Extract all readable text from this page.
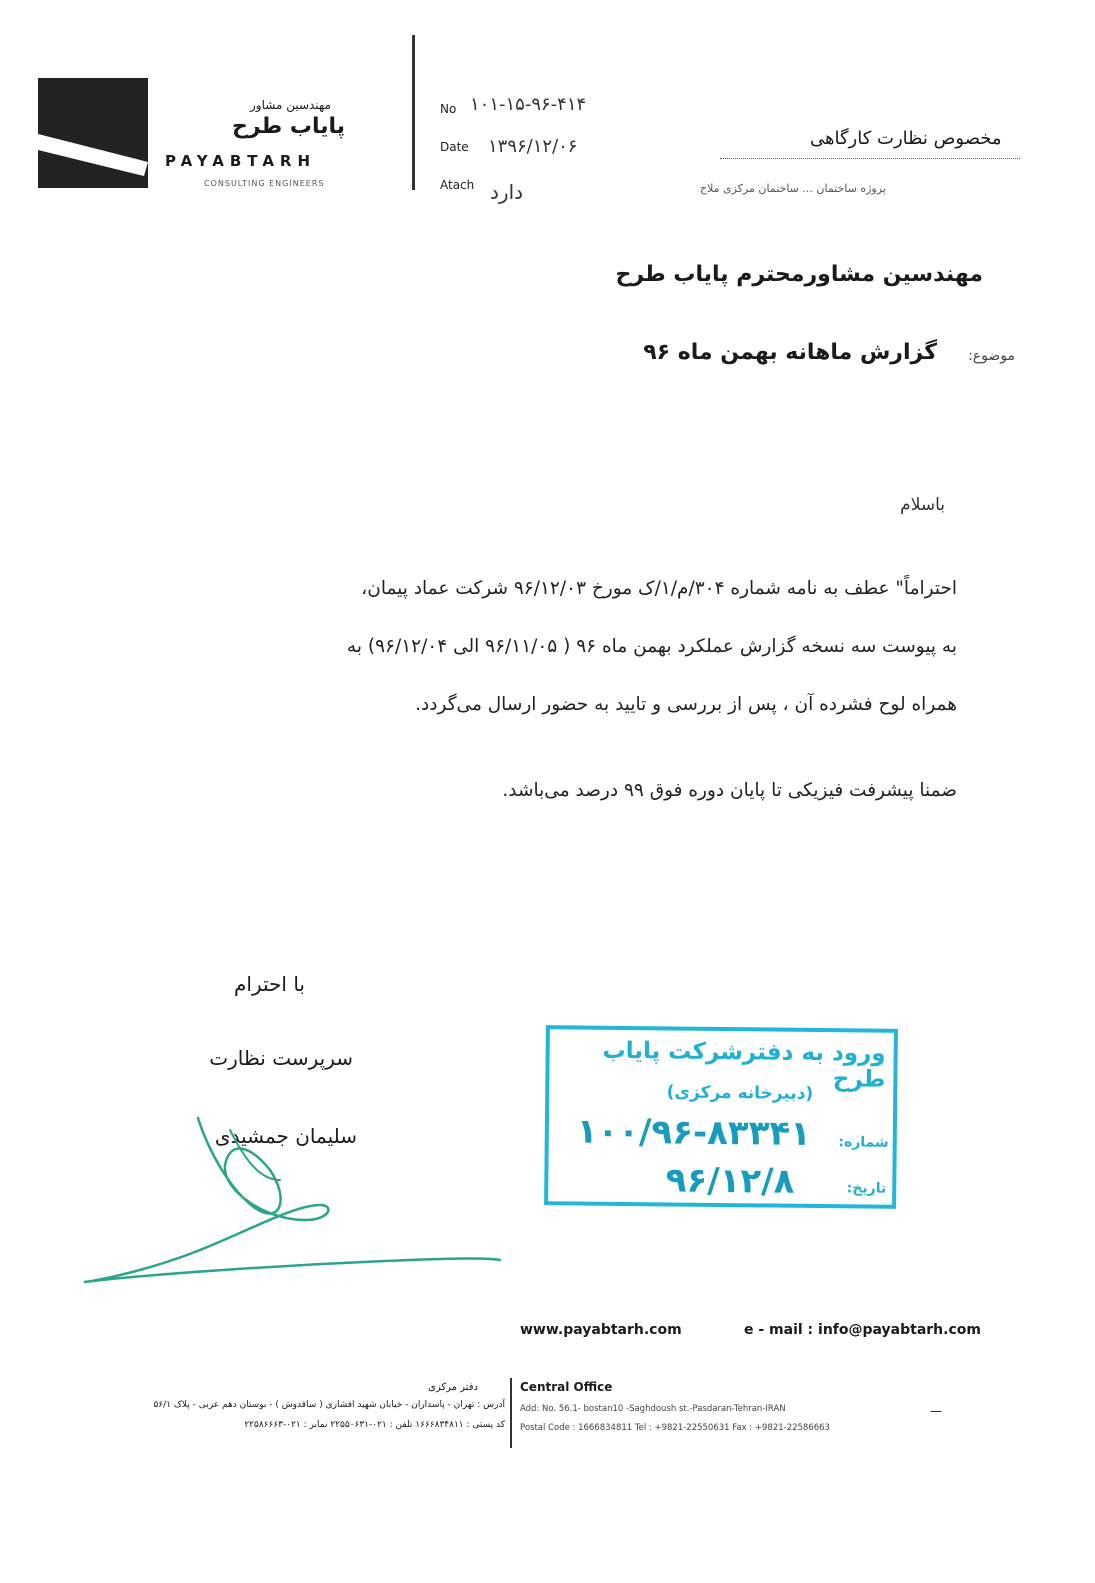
مهندسین مشاور
پایاب طرح
PAYABTARH
CONSULTING ENGINEERS
No ۱۰۱-۱۵-۹۶-۴۱۴
Date ۱۳۹۶/۱۲/۰۶
Atach دارد
مخصوص نظارت کارگاهی
پروژه ساختمان ... ساختمان مرکزی ملاح
مهندسین مشاورمحترم پایاب طرح
موضوع:
گزارش ماهانه بهمن ماه ۹۶
باسلام
احتراماً" عطف به نامه شماره ۳۰۴/م/۱/ک مورخ ۹۶/۱۲/۰۳ شرکت عماد پیمان،
به پیوست سه نسخه گزارش عملکرد بهمن ماه ۹۶ ( ۹۶/۱۱/۰۵ الی ۹۶/۱۲/۰۴) به
همراه لوح فشرده آن ، پس از بررسی و تایید به حضور ارسال می‌گردد.
ضمنا پیشرفت فیزیکی تا پایان دوره فوق ۹۹ درصد می‌باشد.
با احترام
سرپرست نظارت
سلیمان جمشیدی
ورود به دفترشرکت پایاب طرح
(دبیرخانه مرکزی)
شماره:
۱۰۰/۹۶-۸۳۳۴۱
تاریخ:
۹۶/۱۲/۸
www.payabtarh.com	e - mail : info@payabtarh.com
دفتر مرکزی	Central Office
آدرس : تهران - پاسداران - خیابان شهید افشاری ( ساقدوش ) - بوستان دهم عربی - پلاک ۵۶/۱
کد پستی : ۱۶۶۶۸۳۴۸۱۱ تلفن : ۰۲۱-۲۲۵۵۰۶۳۱ نمابر : ۰۲۱-۲۲۵۸۶۶۶۳
Add: No. 56.1- bostan10 -Saghdoush st.-Pasdaran-Tehran-IRAN
Postal Code : 1666834811 Tel : +9821-22550631 Fax : +9821-22586663
—
